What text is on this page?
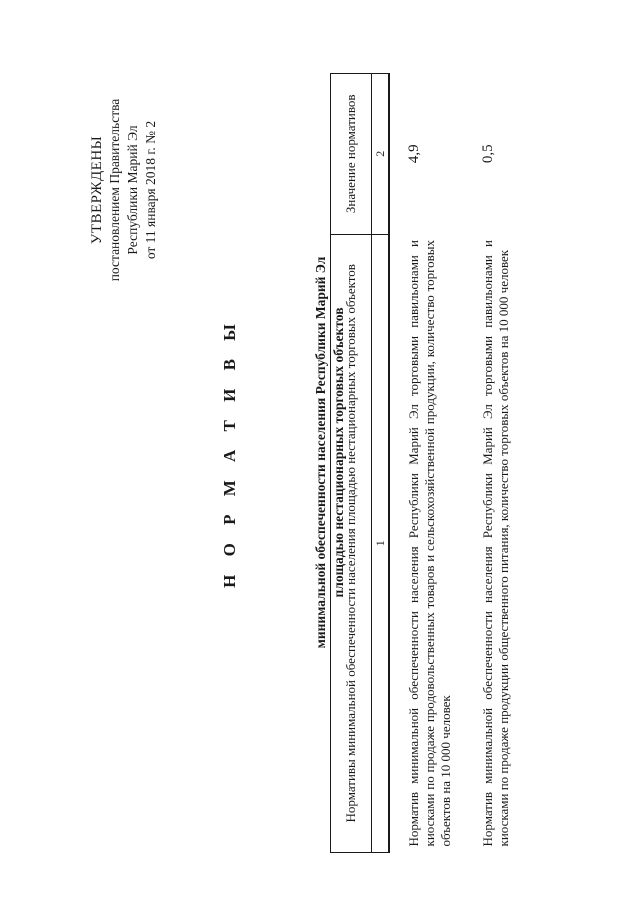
УТВЕРЖДЕНЫ постановлением Правительства Республики Марий Эл от 11 января 2018 г. № 2
Н О Р М А Т И В Ы	минимальной обеспеченности населения Республики Марий Эл площадью нестационарных торговых объектов
Нормативы минимальной обеспеченности населения площадью нестационарных торговых объектов	Значение нормативов
1	2
Норматив минимальной обеспеченности населения Республики Марий Эл торговыми павильонами и киосками по продаже продовольственных товаров и сельскохозяйственной продукции, количество торговых объектов на 10 000 человек	4,9

Норматив минимальной обеспеченности населения Республики Марий Эл торговыми павильонами и киосками по продаже продукции общественного питания, количество торговых объектов на 10 000 человек	0,5
